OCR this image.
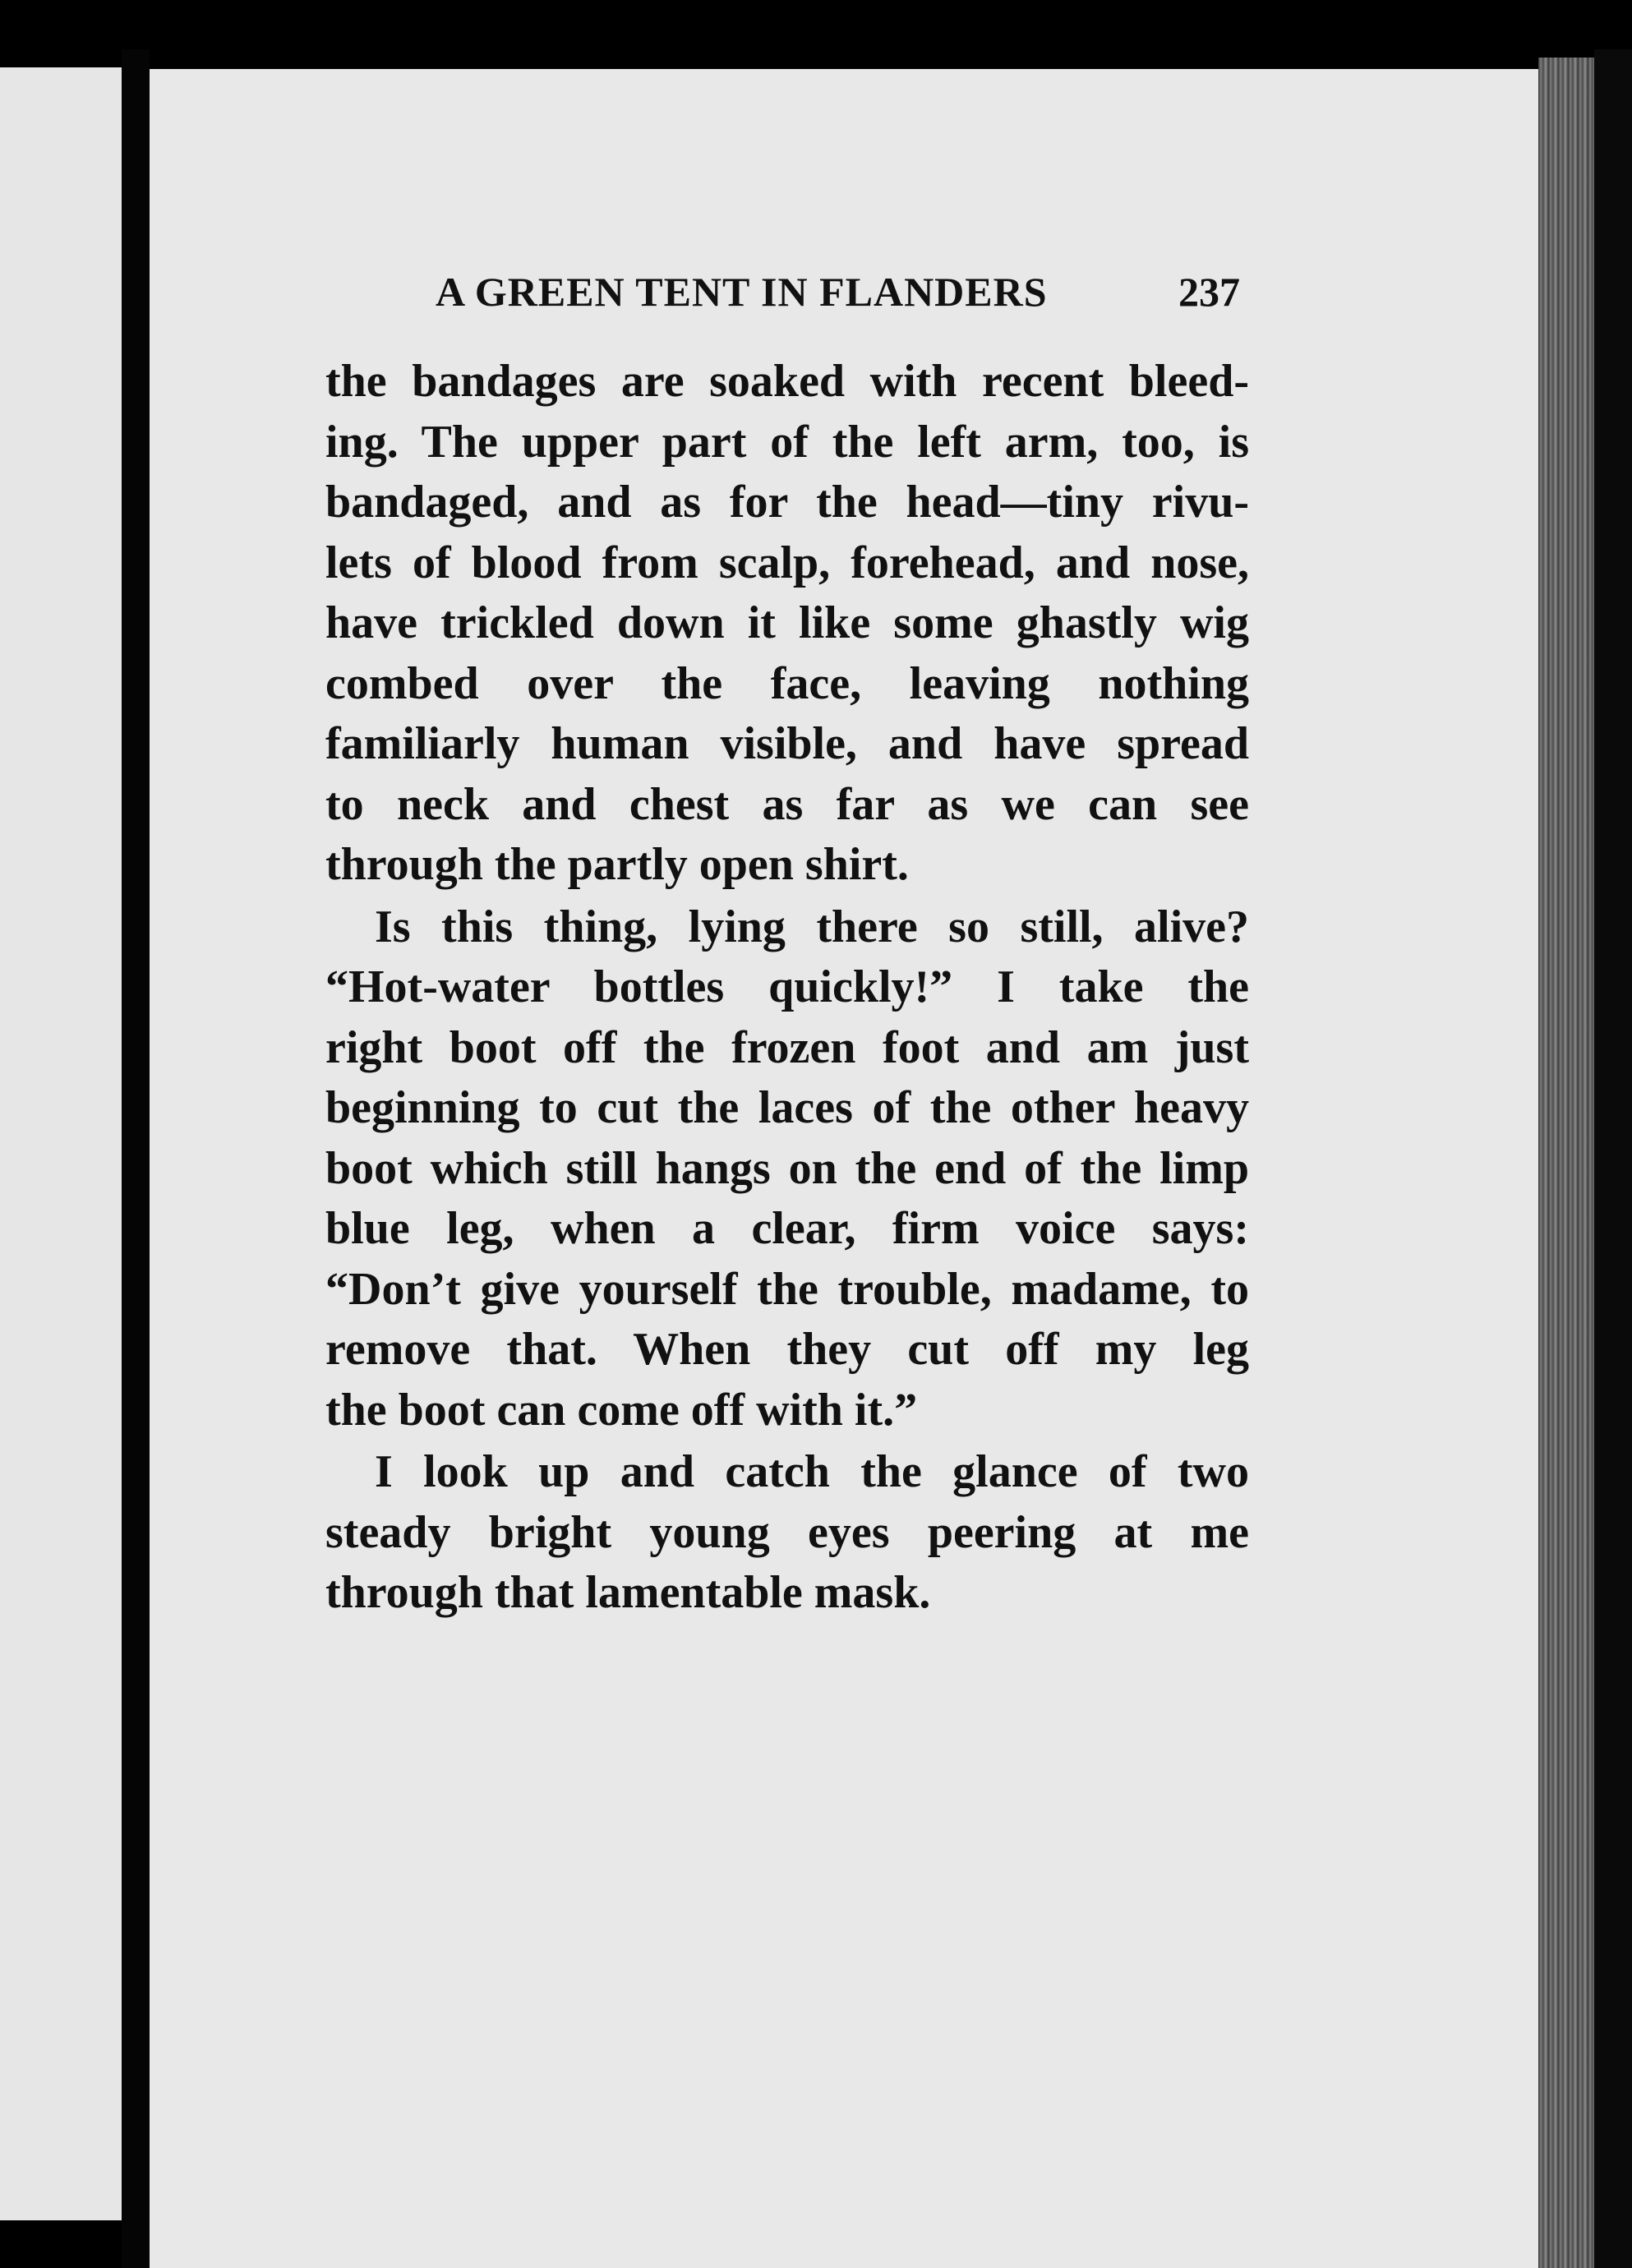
A GREEN TENT IN FLANDERS	237
the bandages are soaked with recent bleed-
ing. The upper part of the left arm, too, is
bandaged, and as for the head—tiny rivu-
lets of blood from scalp, forehead, and nose,
have trickled down it like some ghastly wig
combed over the face, leaving nothing
familiarly human visible, and have spread
to neck and chest as far as we can see
through the partly open shirt.
Is this thing, lying there so still, alive?
“Hot-water bottles quickly!” I take the
right boot off the frozen foot and am just
beginning to cut the laces of the other heavy
boot which still hangs on the end of the limp
blue leg, when a clear, firm voice says:
“Don’t give yourself the trouble, madame, to
remove that. When they cut off my leg
the boot can come off with it.”
I look up and catch the glance of two
steady bright young eyes peering at me
through that lamentable mask.
